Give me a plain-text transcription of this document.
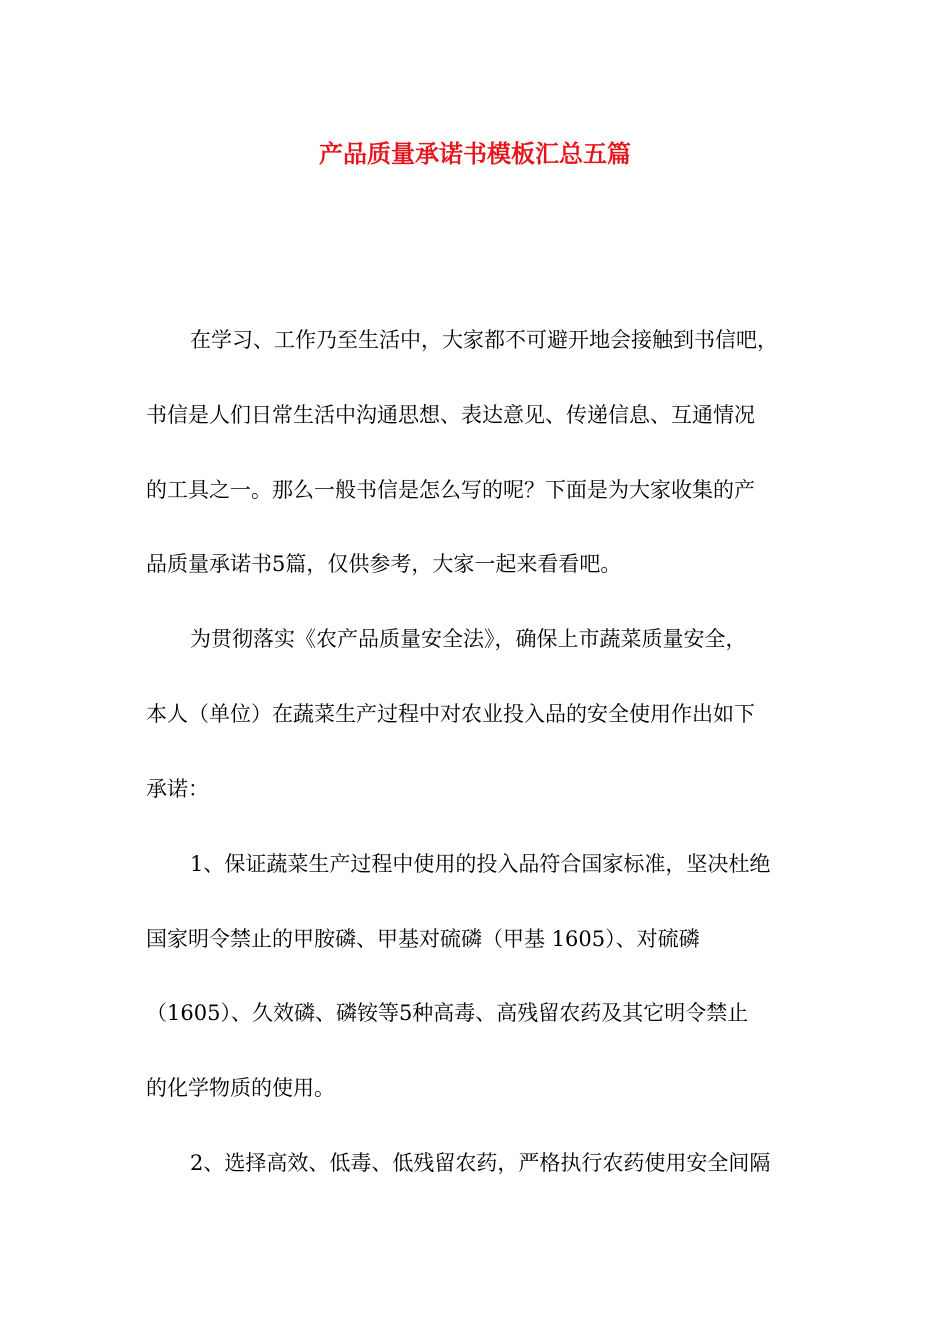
产品质量承诺书模板汇总五篇
在学习、工作乃至生活中，大家都不可避开地会接触到书信吧，
书信是人们日常生活中沟通思想、表达意见、传递信息、互通情况
的工具之一。那么一般书信是怎么写的呢？下面是为大家收集的产
品质量承诺书5篇，仅供参考，大家一起来看看吧。
为贯彻落实《农产品质量安全法》，确保上市蔬菜质量安全，
本人（单位）在蔬菜生产过程中对农业投入品的安全使用作出如下
承诺：
1、保证蔬菜生产过程中使用的投入品符合国家标准，坚决杜绝
国家明令禁止的甲胺磷、甲基对硫磷（甲基 1605）、对硫磷
（1605）、久效磷、磷铵等5种高毒、高残留农药及其它明令禁止
的化学物质的使用。
2、选择高效、低毒、低残留农药，严格执行农药使用安全间隔
